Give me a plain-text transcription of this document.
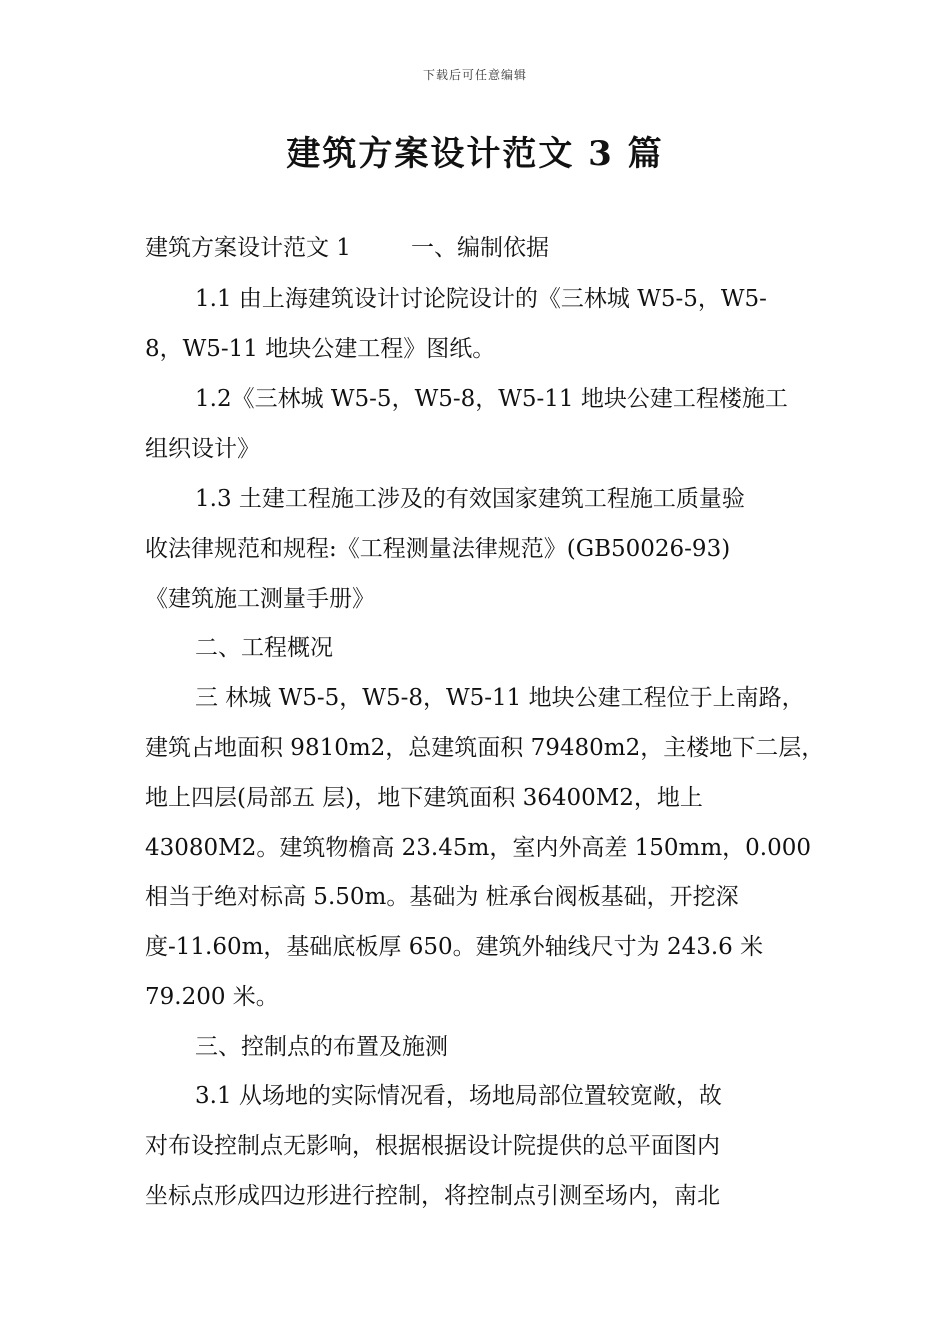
下载后可任意编辑
建筑方案设计范文 3 篇
建筑方案设计范文 1	一、编制依据
1.1 由上海建筑设计讨论院设计的《三林城 W5-5，W5-
8，W5-11 地块公建工程》图纸。
1.2《三林城 W5-5，W5-8，W5-11 地块公建工程楼施工
组织设计》
1.3 土建工程施工涉及的有效国家建筑工程施工质量验
收法律规范和规程:《工程测量法律规范》(GB50026-93)
《建筑施工测量手册》
二、工程概况
三 林城 W5-5，W5-8，W5-11 地块公建工程位于上南路，
建筑占地面积 9810m2，总建筑面积 79480m2，主楼地下二层，
地上四层(局部五 层)，地下建筑面积 36400M2，地上
43080M2。建筑物檐高 23.45m，室内外高差 150mm，0.000
相当于绝对标高 5.50m。基础为 桩承台阀板基础，开挖深
度-11.60m，基础底板厚 650。建筑外轴线尺寸为 243.6 米
79.200 米。
三、控制点的布置及施测
3.1 从场地的实际情况看，场地局部位置较宽敞，故
对布设控制点无影响，根据根据设计院提供的总平面图内
坐标点形成四边形进行控制，将控制点引测至场内，南北
